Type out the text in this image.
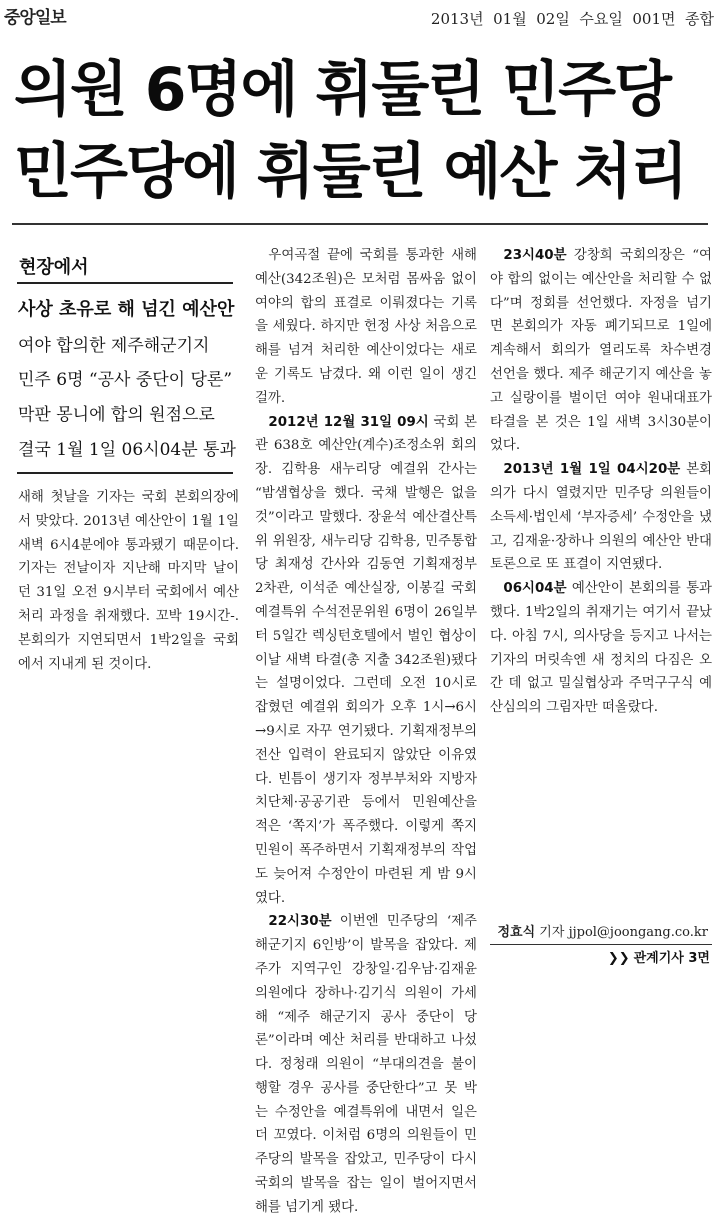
중앙일보	2013년  01월  02일  수요일  001면  종합
의원 6명에 휘둘린 민주당
민주당에 휘둘린 예산 처리
현장에서
사상 초유로 해 넘긴 예산안
여야 합의한 제주해군기지
민주 6명 “공사 중단이 당론”
막판 몽니에 합의 원점으로
결국 1월 1일 06시04분 통과

새해 첫날을 기자는 국회 본회의장에서 맞았다. 2013년 예산안이 1월 1일 새벽 6시4분에야 통과됐기 때문이다. 기자는 전날이자 지난해 마지막 날이던 31일 오전 9시부터 국회에서 예산 처리 과정을 취재했다. 꼬박 19시간-. 본회의가 지연되면서 1박2일을 국회에서 지내게 된 것이다.

우여곡절 끝에 국회를 통과한 새해 예산(342조원)은 모처럼 몸싸움 없이 여야의 합의 표결로 이뤄졌다는 기록을 세웠다. 하지만 헌정 사상 처음으로 해를 넘겨 처리한 예산이었다는 새로운 기록도 남겼다. 왜 이런 일이 생긴 걸까.

2012년 12월 31일 09시 국회 본관 638호 예산안(계수)조정소위 회의장. 김학용 새누리당 예결위 간사는 “밤샘협상을 했다. 국채 발행은 없을 것”이라고 말했다. 장윤석 예산결산특위 위원장, 새누리당 김학용, 민주통합당 최재성 간사와 김동연 기획재정부 2차관, 이석준 예산실장, 이봉길 국회 예결특위 수석전문위원 6명이 26일부터 5일간 렉싱턴호텔에서 벌인 협상이 이날 새벽 타결(총 지출 342조원)됐다는 설명이었다. 그런데 오전 10시로 잡혔던 예결위 회의가 오후 1시→6시→9시로 자꾸 연기됐다. 기획재정부의 전산 입력이 완료되지 않았단 이유였다. 빈틈이 생기자 정부부처와 지방자치단체·공공기관 등에서 민원예산을 적은 ‘쪽지’가 폭주했다. 이렇게 쪽지민원이 폭주하면서 기획재정부의 작업도 늦어져 수정안이 마련된 게 밤 9시였다.

22시30분 이번엔 민주당의 ‘제주해군기지 6인방’이 발목을 잡았다. 제주가 지역구인 강창일·김우남·김재윤 의원에다 장하나·김기식 의원이 가세해 “제주 해군기지 공사 중단이 당론”이라며 예산 처리를 반대하고 나섰다. 정청래 의원이 “부대의견을 불이행할 경우 공사를 중단한다”고 못 박는 수정안을 예결특위에 내면서 일은 더 꼬였다. 이처럼 6명의 의원들이 민주당의 발목을 잡았고, 민주당이 다시 국회의 발목을 잡는 일이 벌어지면서 해를 넘기게 됐다.

23시40분 강창희 국회의장은 “여야 합의 없이는 예산안을 처리할 수 없다”며 정회를 선언했다. 자정을 넘기면 본회의가 자동 폐기되므로 1일에 계속해서 회의가 열리도록 차수변경 선언을 했다. 제주 해군기지 예산을 놓고 실랑이를 벌이던 여야 원내대표가 타결을 본 것은 1일 새벽 3시30분이었다.

2013년 1월 1일 04시20분 본회의가 다시 열렸지만 민주당 의원들이 소득세·법인세 ‘부자증세’ 수정안을 냈고, 김재윤·장하나 의원의 예산안 반대토론으로 또 표결이 지연됐다.

06시04분 예산안이 본회의를 통과했다. 1박2일의 취재기는 여기서 끝났다. 아침 7시, 의사당을 등지고 나서는 기자의 머릿속엔 새 정치의 다짐은 오간 데 없고 밀실협상과 주먹구구식 예산심의의 그림자만 떠올랐다.

정효식 기자 jjpol@joongang.co.kr
❯❯ 관계기사 3면
